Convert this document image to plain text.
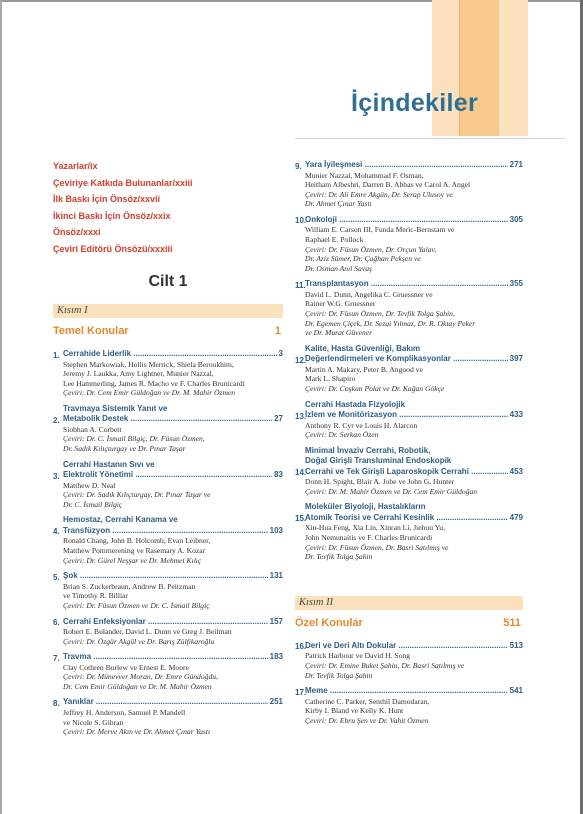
İçindekiler
Yazarlar/ix
Çeviriye Katkıda Bulunanlar/xxiii
İlk Baskı İçin Önsöz/xxvii
İkinci Baskı İçin Önsöz/xxix
Önsöz/xxxi
Çeviri Editörü Önsözü/xxxiii
Cilt 1
Kısım I
Temel Konular	1
1. Cerrahide Liderlik .....	3
Stephen Markowiak, Hollis Merrick, Shiela Beroukhim,
Jeremy J. Laukka, Amy Lightner, Munier Nazzal,
Lee Hammerling, James R. Macho ve F. Charles Brunicardi
Çeviri: Dr. Cem Emir Güldoğan ve Dr. M. Mahir Özmen
2.
Travmaya Sistemik Yanıt ve
Metabolik Destek .....	27
Siobhan A. Corbett
Çeviri: Dr. C. İsmail Bilgiç, Dr. Füsun Özmen,
Dr. Sadık Kılıçturgay ve Dr. Pınar Taşar
3.
Cerrahi Hastanın Sıvı ve
Elektrolit Yönetimi .....	83
Matthew D. Neal
Çeviri: Dr. Sadık Kılıçturgay, Dr. Pınar Taşar ve
Dr. C. İsmail Bilgiç
4.
Hemostaz, Cerrahi Kanama ve
Transfüzyon .....	103
Ronald Chang, John B. Holcomb, Evan Leibner,
Matthew Pommerening ve Rasemary A. Kozar
Çeviri: Dr. Gürel Neşşar ve Dr. Mehmet Kılıç
5. Şok .....	131
Brian S. Zuckerbraun, Andrew B. Peitzman
ve Timothy R. Billiar
Çeviri: Dr. Füsun Özmen ve Dr. C. İsmail Bilgiç
6. Cerrahi Enfeksiyonlar .....	157
Robert E. Bulander, David L. Dunn ve Greg J. Beilman
Çeviri: Dr. Özgür Akgül ve Dr. Barış Zülfikaroğlu
7. Travma .....	183
Clay Cothren Burlew ve Ernest E. Moore
Çeviri: Dr. Münevver Moran, Dr. Emre Gündoğdu,
Dr. Cem Emir Güldoğan ve Dr. M. Mahir Özmen
8. Yanıklar .....	251
Jeffrey H. Anderson, Samuel P. Mandell
ve Nicole S. Gibran
Çeviri: Dr. Merve Akın ve Dr. Ahmet Çınar Yastı
9. Yara İyileşmesi .....	271
Munier Nazzal, Mohammad F. Osman,
Heitham Albeshri, Darren B. Abbas ve Carol A. Angel
Çeviri: Dr. Ali Emre Akgün, Dr. Serap Ulusoy ve
Dr. Ahmet Çınar Yastı
10.
Onkoloji .....	305
William E. Carson III, Funda Meric-Bernstam ve
Raphael E. Pollock
Çeviri: Dr. Füsun Özmen, Dr. Orçun Yalav,
Dr. Aziz Sümer, Dr. Çağhan Pekşen ve
Dr. Osman Anıl Savaş
11. Transplantasyon .....	355
David L. Dunn, Angelika C. Gruessner ve
Rainer W.G. Gruessner
Çeviri: Dr. Füsun Özmen, Dr. Tevfik Tolga Şahin,
Dr. Egemen Çiçek, Dr. Sezai Yılmaz, Dr. R. Oktay Peker
ve Dr. Murat Güvener
12.
Kalite, Hasta Güvenliği, Bakım
Değerlendirmeleri ve Komplikasyonlar .....	397
Martin A. Makary, Peter B. Angood ve
Mark L. Shapiro
Çeviri: Dr. Coşkun Polat ve Dr. Kağan Gökçe
13.
Cerrahi Hastada Fizyolojik
İzlem ve Monitörizasyon .....	433
Anthony R. Cyr ve Louis H. Alarcon
Çeviri: Dr. Serkan Özen
14.
Minimal İnvaziv Cerrahi, Robotik,
Doğal Girişli Transluminal Endoskopik
Cerrahi ve Tek Girişli Laparoskopik Cerrahi .....	453
Donn H. Spight, Blair A. Jobe ve John G. Hunter
Çeviri: Dr. M. Mahir Özmen ve Dr. Cem Emir Güldoğan
15.
Moleküler Biyoloji, Hastalıkların
Atomik Teorisi ve Cerrahi Kesinlik .....	479
Xin-Hua Feng, Xia Lin, Xinran Li, Jiehuu Yu,
John Nemunaitis ve F. Charles Brunicardi
Çeviri: Dr. Füsun Özmen, Dr. Basri Satılmış ve
Dr. Tevfik Tolga Şahin
Kısım II
Özel Konular	511
16.
Deri ve Deri Altı Dokular .....	513
Patrick Harbour ve David H. Song
Çeviri: Dr. Emine Buket Şahin, Dr. Basri Satılmış ve
Dr. Tevfik Tolga Şahin
17.
Meme .....	541
Catherine C. Parker, Senthil Damodaran,
Kirby I. Bland ve Kelly K. Hunt
Çeviri: Dr. Ebru Şen ve Dr. Vahit Özmen
